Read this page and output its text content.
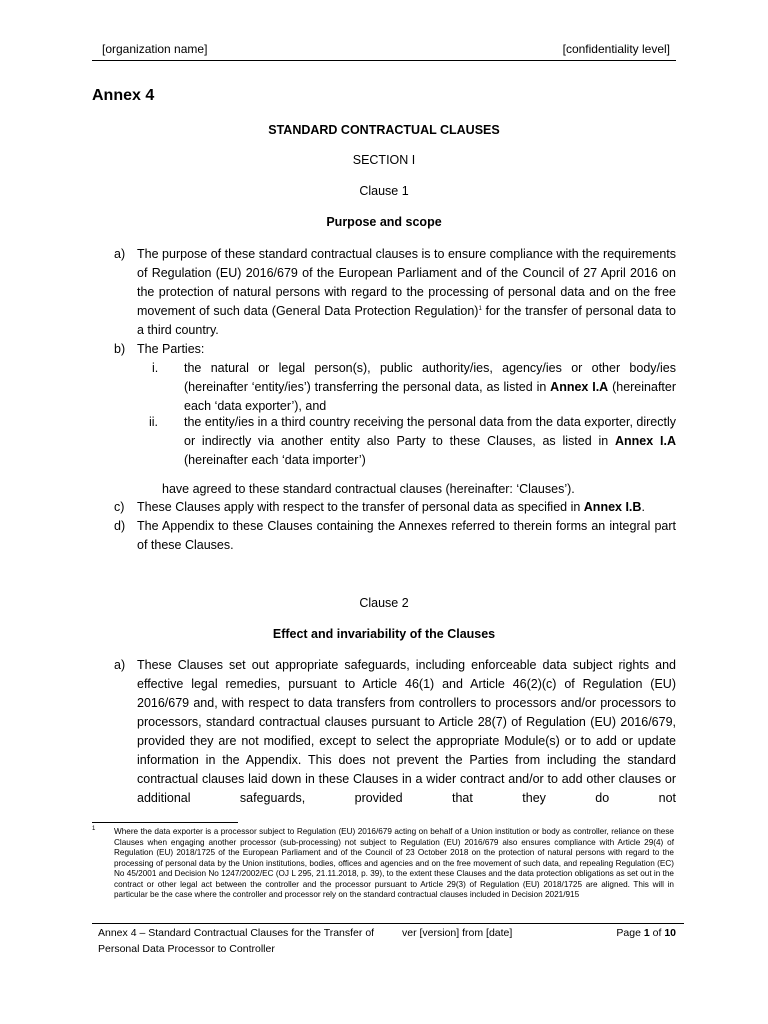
[organization name]	[confidentiality level]
Annex 4
STANDARD CONTRACTUAL CLAUSES
SECTION I
Clause 1
Purpose and scope
a) The purpose of these standard contractual clauses is to ensure compliance with the requirements of Regulation (EU) 2016/679 of the European Parliament and of the Council of 27 April 2016 on the protection of natural persons with regard to the processing of personal data and on the free movement of such data (General Data Protection Regulation)$^1$ for the transfer of personal data to a third country.
b) The Parties:
i. the natural or legal person(s), public authority/ies, agency/ies or other body/ies (hereinafter ‘entity/ies’) transferring the personal data, as listed in Annex I.A (hereinafter each ‘data exporter’), and
ii. the entity/ies in a third country receiving the personal data from the data exporter, directly or indirectly via another entity also Party to these Clauses, as listed in Annex I.A (hereinafter each ‘data importer’)
have agreed to these standard contractual clauses (hereinafter: ‘Clauses’).
c) These Clauses apply with respect to the transfer of personal data as specified in Annex I.B.
d) The Appendix to these Clauses containing the Annexes referred to therein forms an integral part of these Clauses.
Clause 2
Effect and invariability of the Clauses
a) These Clauses set out appropriate safeguards, including enforceable data subject rights and effective legal remedies, pursuant to Article 46(1) and Article 46(2)(c) of Regulation (EU) 2016/679 and, with respect to data transfers from controllers to processors and/or processors to processors, standard contractual clauses pursuant to Article 28(7) of Regulation (EU) 2016/679, provided they are not modified, except to select the appropriate Module(s) or to add or update information in the Appendix. This does not prevent the Parties from including the standard contractual clauses laid down in these Clauses in a wider contract and/or to add other clauses or additional safeguards, provided that they do not
1 Where the data exporter is a processor subject to Regulation (EU) 2016/679 acting on behalf of a Union institution or body as controller, reliance on these Clauses when engaging another processor (sub-processing) not subject to Regulation (EU) 2016/679 also ensures compliance with Article 29(4) of Regulation (EU) 2018/1725 of the European Parliament and of the Council of 23 October 2018 on the protection of natural persons with regard to the processing of personal data by the Union institutions, bodies, offices and agencies and on the free movement of such data, and repealing Regulation (EC) No 45/2001 and Decision No 1247/2002/EC (OJ L 295, 21.11.2018, p. 39), to the extent these Clauses and the data protection obligations as set out in the contract or other legal act between the controller and the processor pursuant to Article 29(3) of Regulation (EU) 2018/1725 are aligned. This will in particular be the case where the controller and processor rely on the standard contractual clauses included in Decision 2021/915
Annex 4 – Standard Contractual Clauses for the Transfer of Personal Data Processor to Controller
ver [version] from [date]	Page 1 of 10
